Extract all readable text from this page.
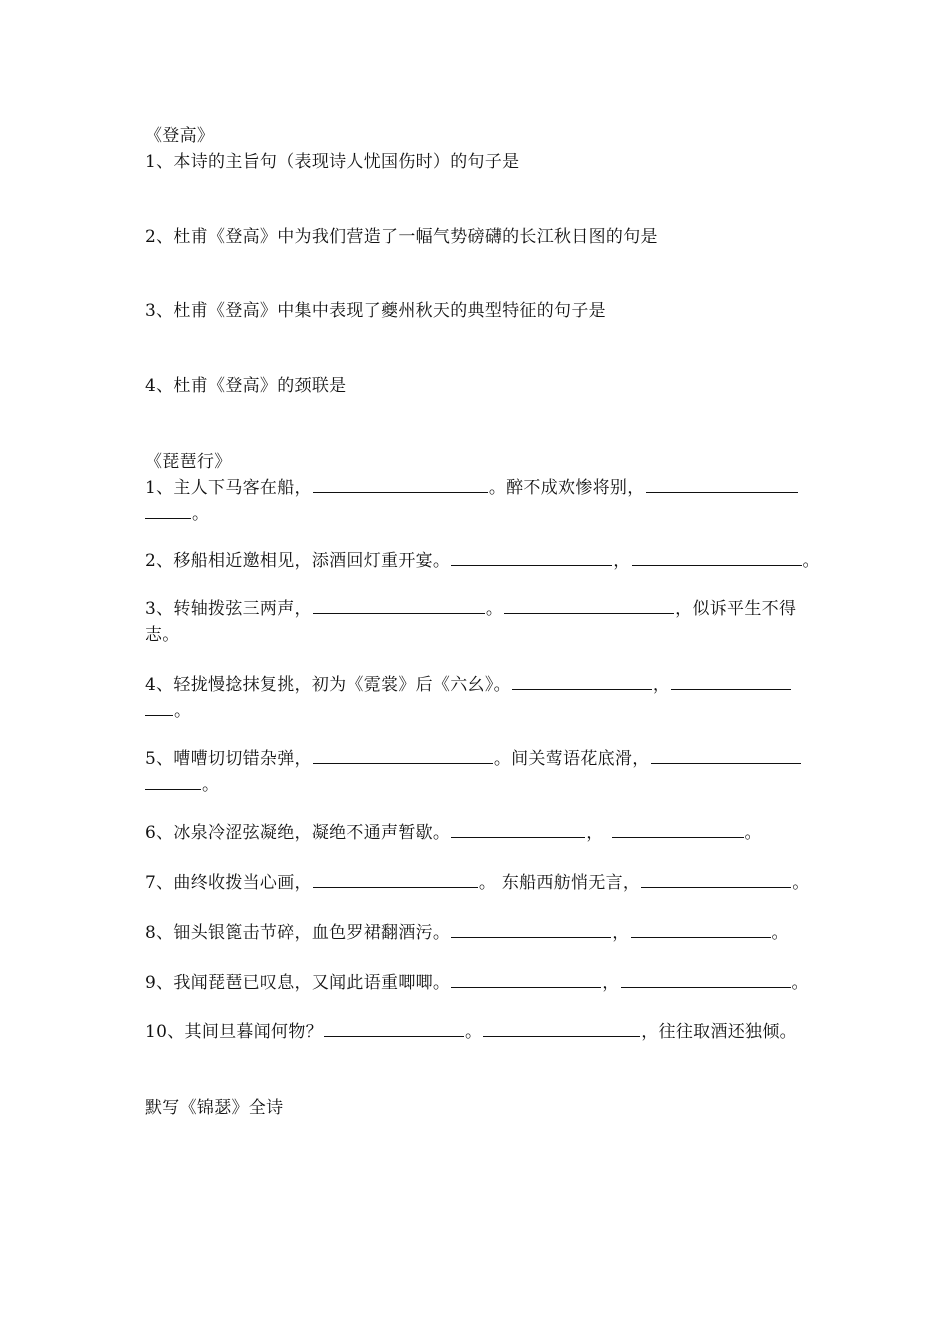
《登高》
1、本诗的主旨句（表现诗人忧国伤时）的句子是
2、杜甫《登高》中为我们营造了一幅气势磅礴的长江秋日图的句是
3、杜甫《登高》中集中表现了夔州秋天的典型特征的句子是
4、杜甫《登高》的颈联是
《琵琶行》
1、主人下马客在船，	。醉不成欢惨将别，
。
2、移船相近邀相见，添酒回灯重开宴。	，	。
3、转轴拨弦三两声，	。	，似诉平生不得
志。
4、轻拢慢捻抹复挑，初为《霓裳》后《六幺》。	，
。
5、嘈嘈切切错杂弹，	。间关莺语花底滑，
。
6、冰泉冷涩弦凝绝，凝绝不通声暂歇。	，	。
7、曲终收拨当心画，	。 东船西舫悄无言，	。
8、钿头银篦击节碎，血色罗裙翻酒污。	，	。
9、我闻琵琶已叹息，又闻此语重唧唧。	，	。
10、其间旦暮闻何物？	。	，往往取酒还独倾。
默写《锦瑟》全诗
